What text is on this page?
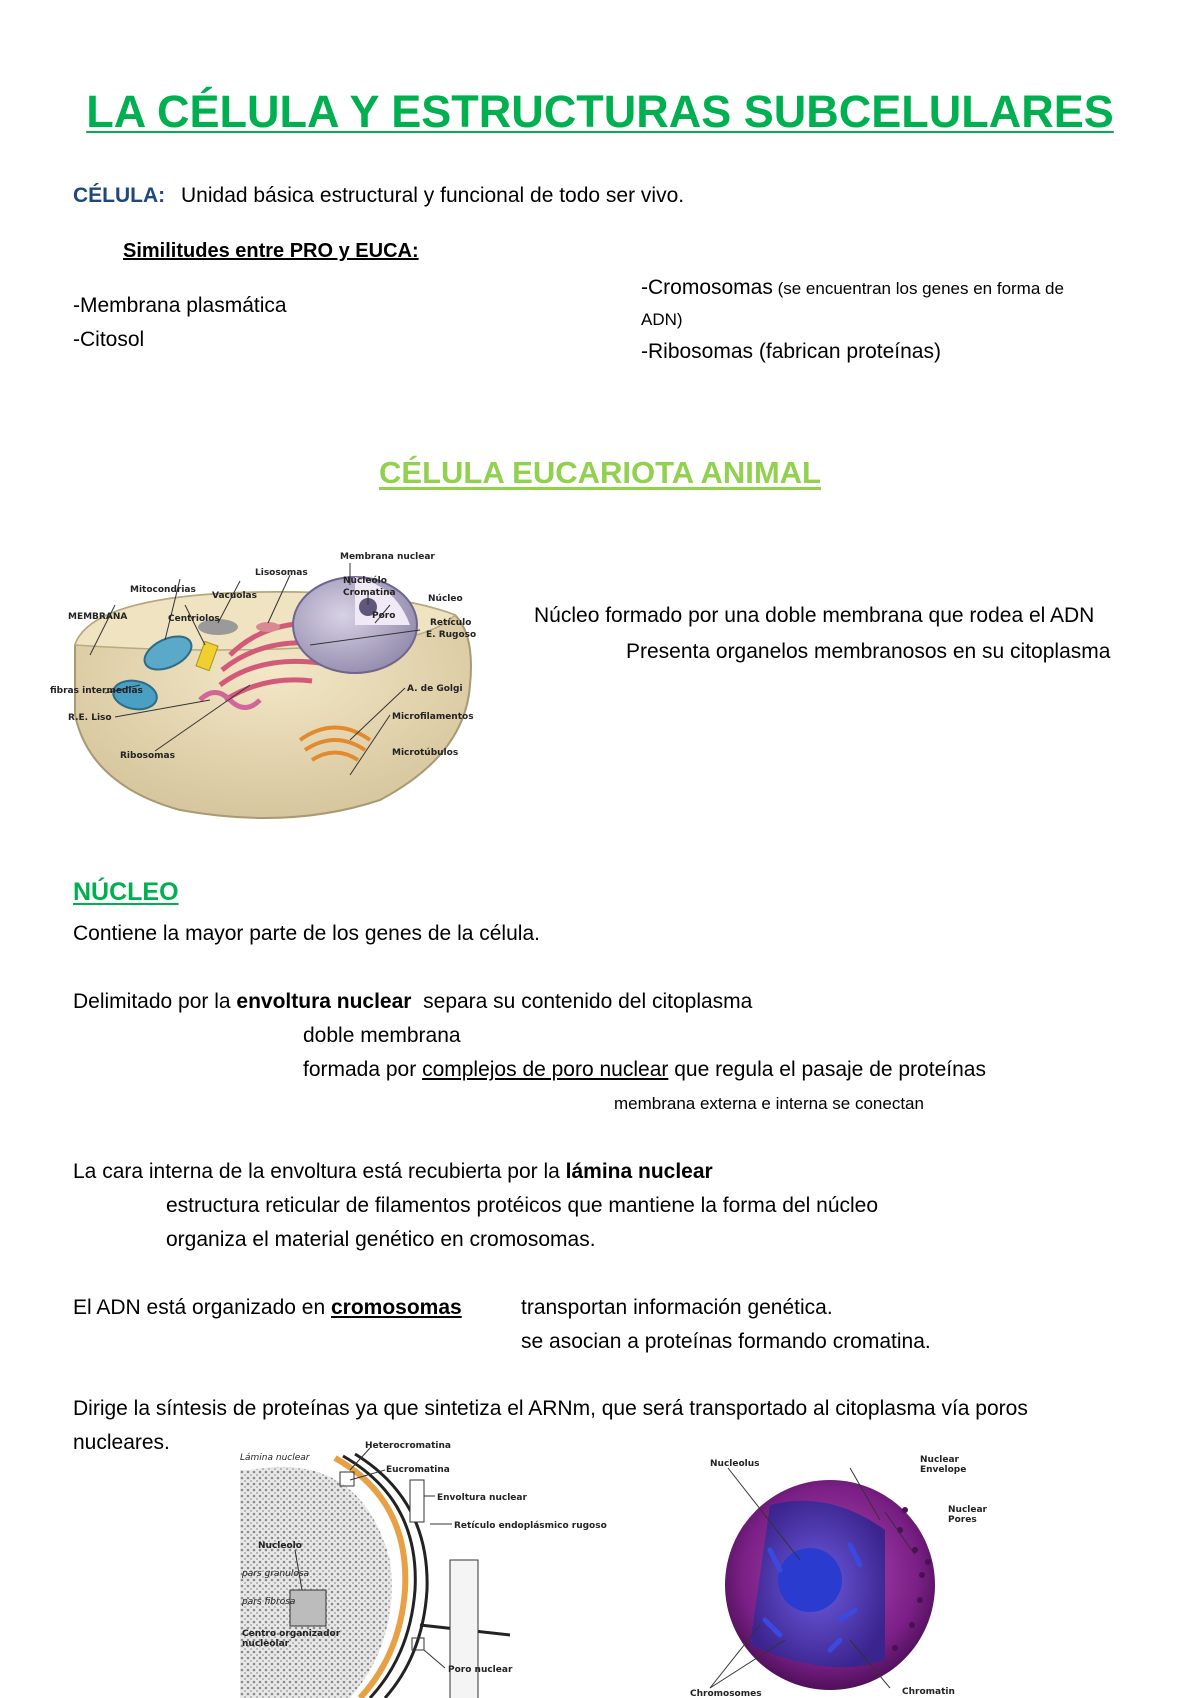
LA CÉLULA Y ESTRUCTURAS SUBCELULARES
CÉLULA: Unidad básica estructural y funcional de todo ser vivo.
Similitudes entre PRO y EUCA:
-Membrana plasmática
-Citosol
-Cromosomas (se encuentran los genes en forma de
ADN)
-Ribosomas (fabrican proteínas)
CÉLULA EUCARIOTA ANIMAL
Lisosomas
Membrana nuclear
Mitocondrias
Vacuolas
Nucleólo
Cromatina
Núcleo
MEMBRANA	Centriolos	Poro
Retículo
E. Rugoso
fibras intermedias	A. de Golgi
R.E. Liso	Microfilamentos
Microtúbulos
Ribosomas
Núcleo formado por una doble membrana que rodea el ADN
Presenta organelos membranosos en su citoplasma
NÚCLEO
Contiene la mayor parte de los genes de la célula.
Delimitado por la envoltura nuclear  separa su contenido del citoplasma
doble membrana
formada por complejos de poro nuclear que regula el pasaje de proteínas
membrana externa e interna se conectan
La cara interna de la envoltura está recubierta por la lámina nuclear
estructura reticular de filamentos protéicos que mantiene la forma del núcleo
organiza el material genético en cromosomas.
El ADN está organizado en cromosomas	transportan información genética.
se asocian a proteínas formando cromatina.
Dirige la síntesis de proteínas ya que sintetiza el ARNm, que será transportado al citoplasma vía poros
nucleares.	Heterocromatina
Lámina nuclear
Eucromatina
Envoltura nuclear
Retículo endoplásmico rugoso
Nucleolo
pars granulosa
pars fibrosa
Centro organizador
nucleolar
Poro nuclear
Nucleolus	Nuclear
Envelope
Nuclear
Pores
Chromosomes	Chromatin
